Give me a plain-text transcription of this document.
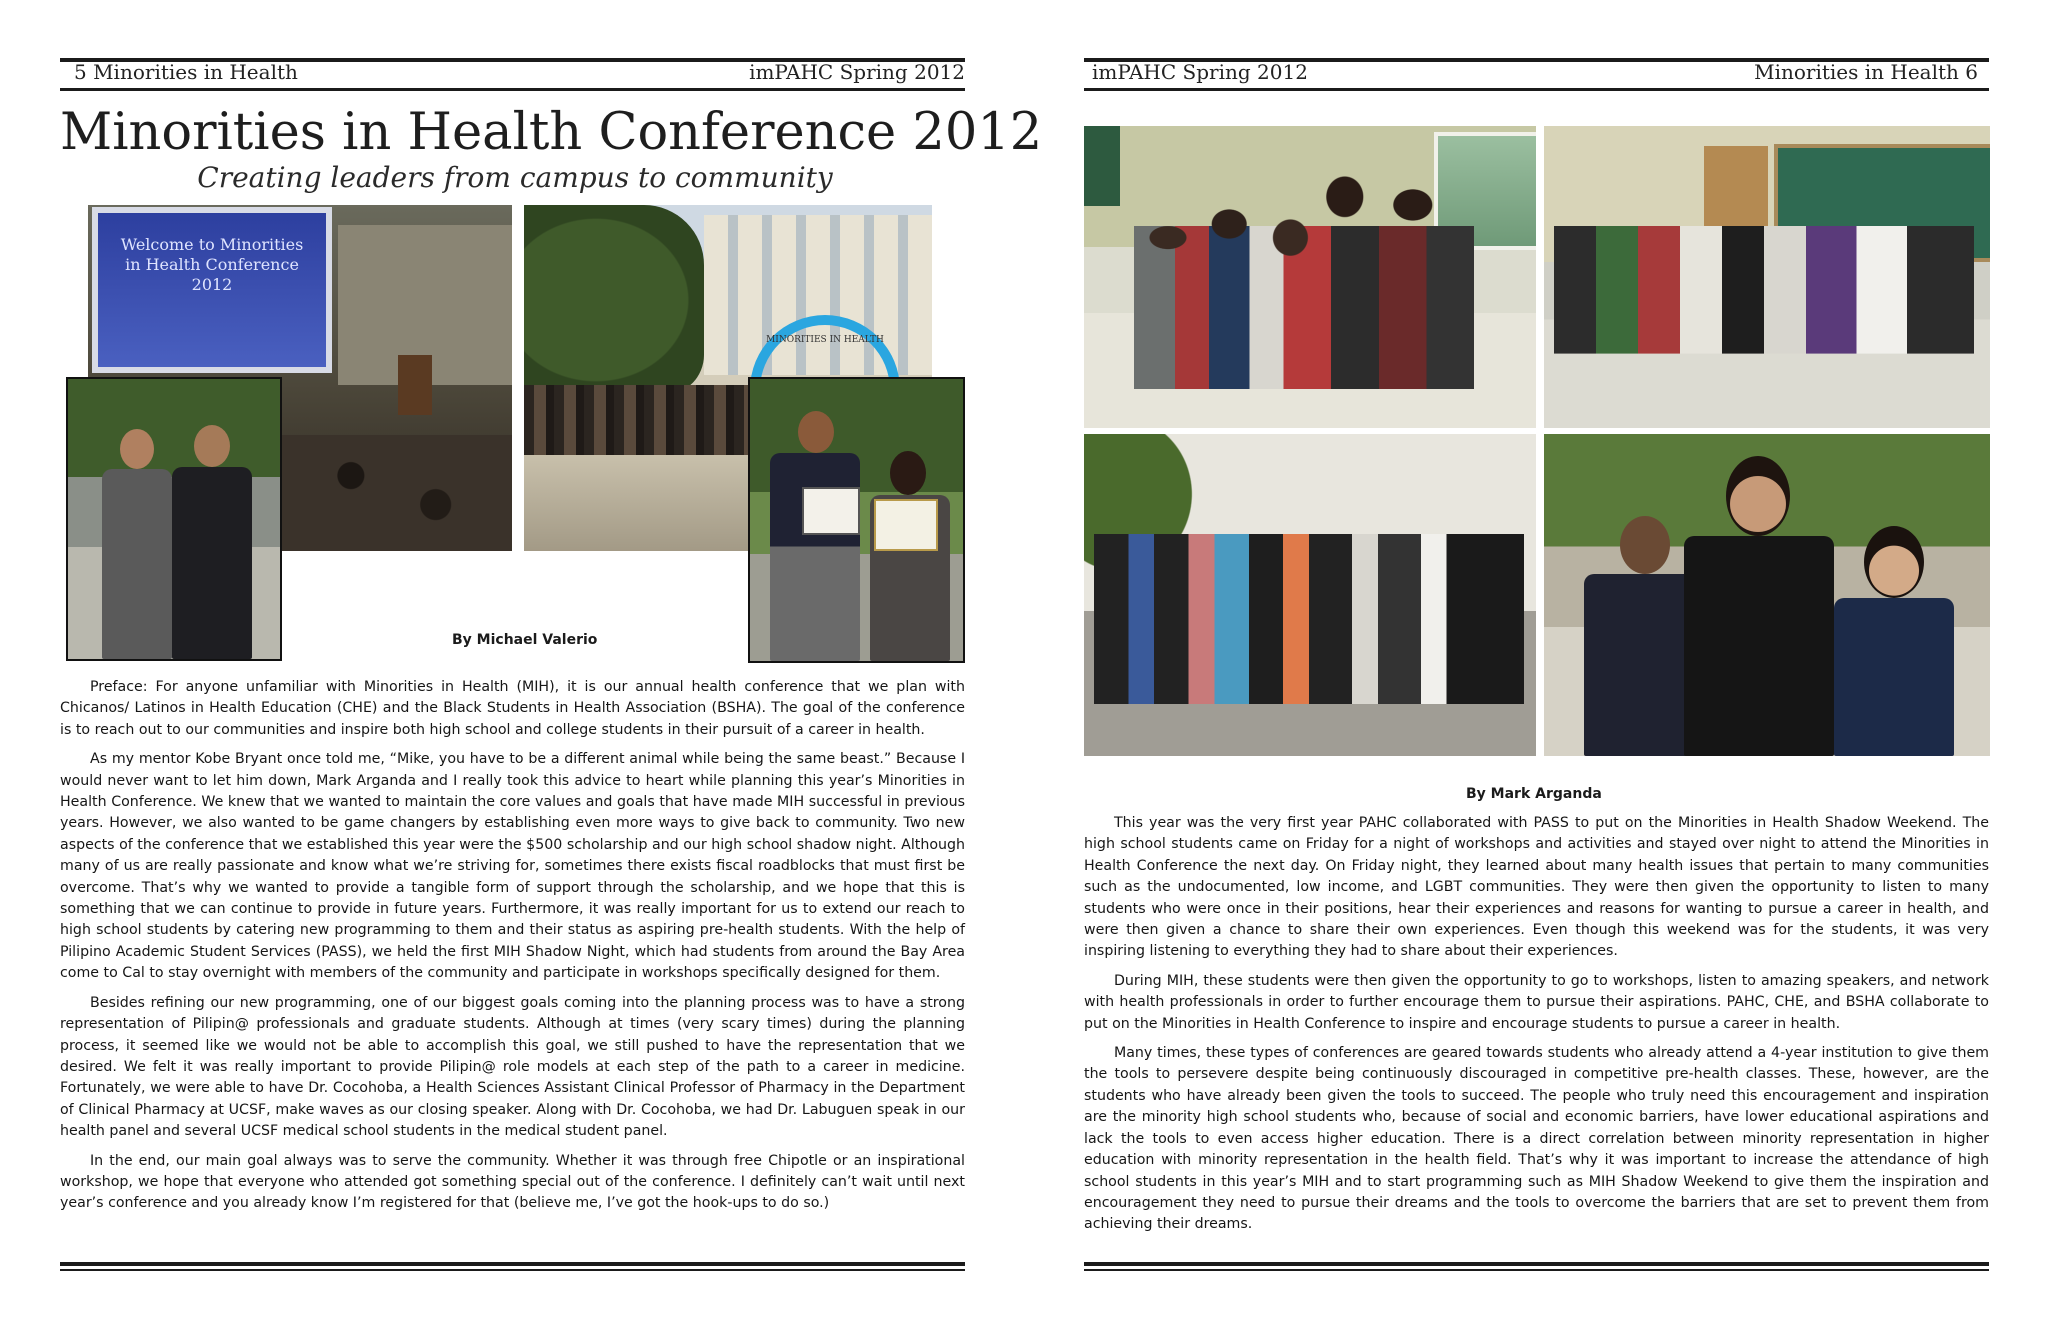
5 Minorities in Health	imPAHC Spring 2012
Minorities in Health Conference 2012
Creating leaders from campus to community
Welcome to Minorities in Health Conference 2012
MINORITIES IN HEALTH
By Michael Valerio

Preface: For anyone unfamiliar with Minorities in Health (MIH), it is our annual health conference that we plan with Chicanos/ Latinos in Health Education (CHE) and the Black Students in Health Association (BSHA). The goal of the conference is to reach out to our communities and inspire both high school and college students in their pursuit of a career in health.

As my mentor Kobe Bryant once told me, “Mike, you have to be a different animal while being the same beast.” Because I would never want to let him down, Mark Arganda and I really took this advice to heart while planning this year’s Minorities in Health Conference. We knew that we wanted to maintain the core values and goals that have made MIH successful in previous years. However, we also wanted to be game changers by establishing even more ways to give back to community. Two new aspects of the conference that we established this year were the $500 scholarship and our high school shadow night. Although many of us are really passionate and know what we’re striving for, sometimes there exists fiscal roadblocks that must first be overcome. That’s why we wanted to provide a tangible form of support through the scholarship, and we hope that this is something that we can continue to provide in future years. Furthermore, it was really important for us to extend our reach to high school students by catering new programming to them and their status as aspiring pre-health students. With the help of Pilipino Academic Student Services (PASS), we held the first MIH Shadow Night, which had students from around the Bay Area come to Cal to stay overnight with members of the community and participate in workshops specifically designed for them.

Besides refining our new programming, one of our biggest goals coming into the planning process was to have a strong representation of Pilipin@ professionals and graduate students. Although at times (very scary times) during the planning process, it seemed like we would not be able to accomplish this goal, we still pushed to have the representation that we desired. We felt it was really important to provide Pilipin@ role models at each step of the path to a career in medicine. Fortunately, we were able to have Dr. Cocohoba, a Health Sciences Assistant Clinical Professor of Pharmacy in the Department of Clinical Pharmacy at UCSF, make waves as our closing speaker. Along with Dr. Cocohoba, we had Dr. Labuguen speak in our health panel and several UCSF medical school students in the medical student panel.

In the end, our main goal always was to serve the community. Whether it was through free Chipotle or an inspirational workshop, we hope that everyone who attended got something special out of the conference. I definitely can’t wait until next year’s conference and you already know I’m registered for that (believe me, I’ve got the hook-ups to do so.)

imPAHC Spring 2012	Minorities in Health 6
By Mark Arganda

This year was the very first year PAHC collaborated with PASS to put on the Minorities in Health Shadow Weekend. The high school students came on Friday for a night of workshops and activities and stayed over night to attend the Minorities in Health Conference the next day. On Friday night, they learned about many health issues that pertain to many communities such as the undocumented, low income, and LGBT communities. They were then given the opportunity to listen to many students who were once in their positions, hear their experiences and reasons for wanting to pursue a career in health, and were then given a chance to share their own experiences. Even though this weekend was for the students, it was very inspiring listening to everything they had to share about their experiences.

During MIH, these students were then given the opportunity to go to workshops, listen to amazing speakers, and network with health professionals in order to further encourage them to pursue their aspirations. PAHC, CHE, and BSHA collaborate to put on the Minorities in Health Conference to inspire and encourage students to pursue a career in health.

Many times, these types of conferences are geared towards students who already attend a 4-year institution to give them the tools to persevere despite being continuously discouraged in competitive pre-health classes. These, however, are the students who have already been given the tools to succeed. The people who truly need this encouragement and inspiration are the minority high school students who, because of social and economic barriers, have lower educational aspirations and lack the tools to even access higher education. There is a direct correlation between minority representation in higher education with minority representation in the health field. That’s why it was important to increase the attendance of high school students in this year’s MIH and to start programming such as MIH Shadow Weekend to give them the inspiration and encouragement they need to pursue their dreams and the tools to overcome the barriers that are set to prevent them from achieving their dreams.
